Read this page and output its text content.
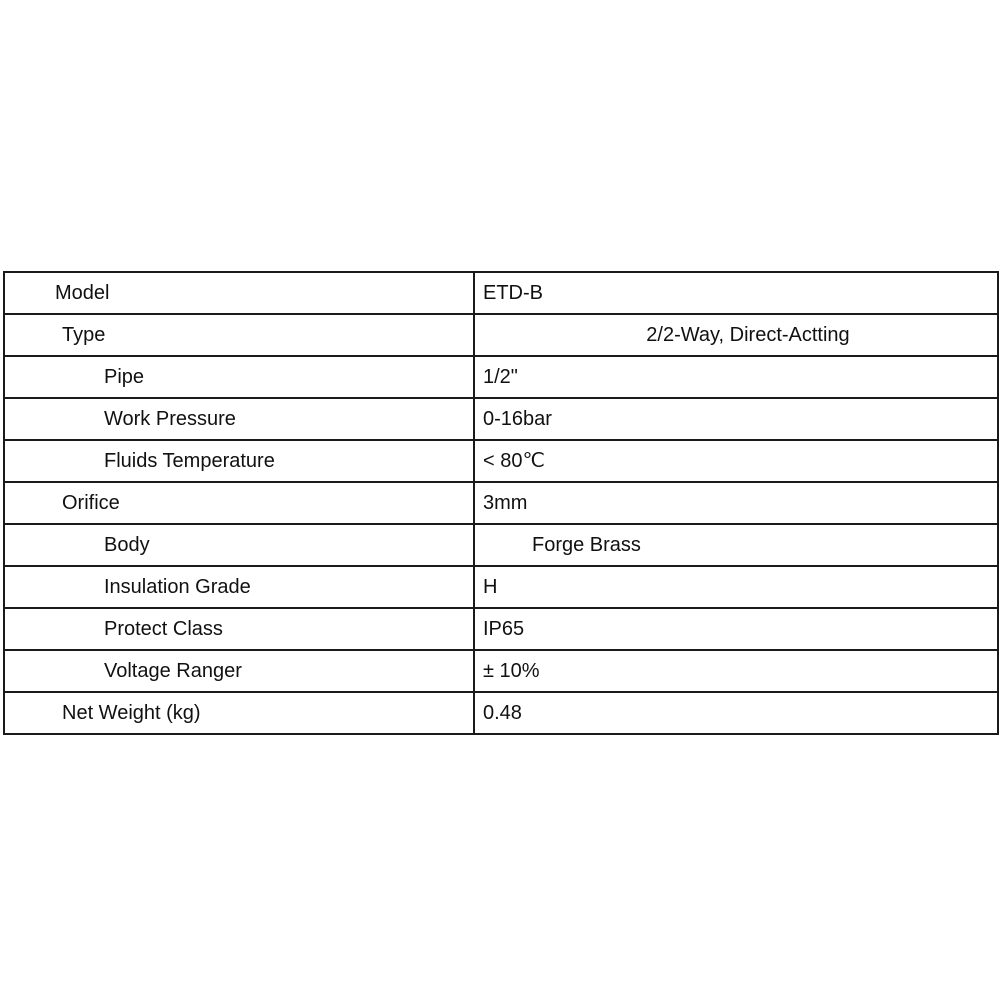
Model	ETD-B
Type	2/2-Way, Direct-Actting
Pipe	1/2"
Work Pressure	0-16bar
Fluids Temperature	< 80℃
Orifice	3mm
Body	Forge Brass
Insulation Grade	H
Protect Class	IP65
Voltage Ranger	± 10%
Net Weight (kg)	0.48
